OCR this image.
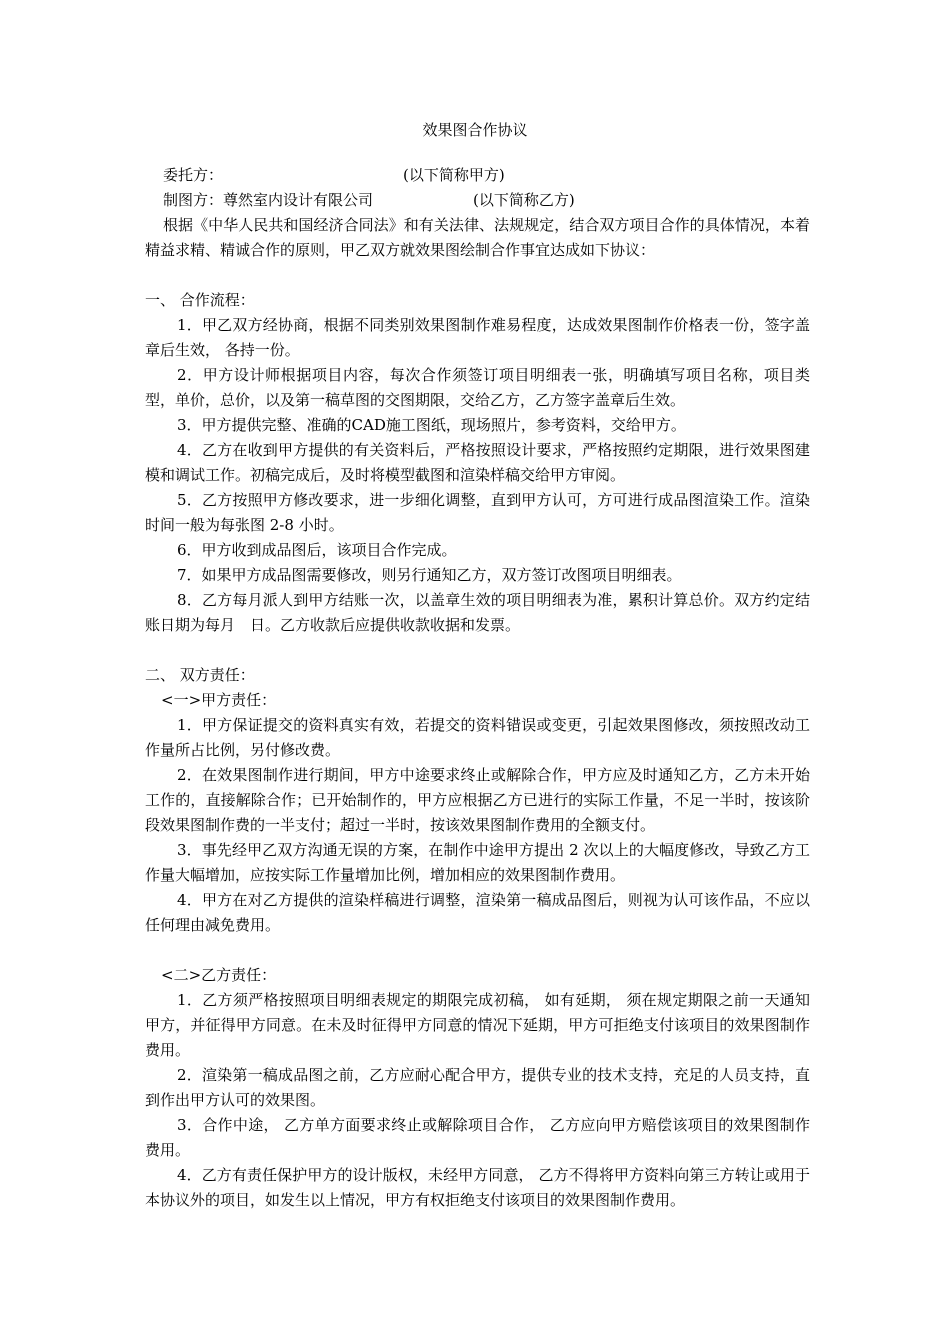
效果图合作协议
委托方：	(以下简称甲方)
制图方：尊然室内设计有限公司	(以下简称乙方)

根据《中华人民共和国经济合同法》和有关法律、法规规定，结合双方项目合作的具体情况，本着精益求精、精诚合作的原则，甲乙双方就效果图绘制合作事宜达成如下协议：

一、 合作流程：

1．甲乙双方经协商，根据不同类别效果图制作难易程度，达成效果图制作价格表一份，签字盖章后生效， 各持一份。

2．甲方设计师根据项目内容，每次合作须签订项目明细表一张，明确填写项目名称，项目类型，单价，总价，以及第一稿草图的交图期限，交给乙方，乙方签字盖章后生效。

3．甲方提供完整、准确的CAD施工图纸，现场照片，参考资料，交给甲方。

4．乙方在收到甲方提供的有关资料后，严格按照设计要求，严格按照约定期限，进行效果图建模和调试工作。初稿完成后，及时将模型截图和渲染样稿交给甲方审阅。

5．乙方按照甲方修改要求，进一步细化调整，直到甲方认可，方可进行成品图渲染工作。渲染时间一般为每张图 2-8 小时。

6．甲方收到成品图后，该项目合作完成。

7．如果甲方成品图需要修改，则另行通知乙方，双方签订改图项目明细表。

8．乙方每月派人到甲方结账一次，以盖章生效的项目明细表为准，累积计算总价。双方约定结账日期为每月　日。乙方收款后应提供收款收据和发票。

二、 双方责任：

<一>甲方责任：

1．甲方保证提交的资料真实有效，若提交的资料错误或变更，引起效果图修改，须按照改动工作量所占比例，另付修改费。

2．在效果图制作进行期间，甲方中途要求终止或解除合作，甲方应及时通知乙方，乙方未开始工作的，直接解除合作；已开始制作的，甲方应根据乙方已进行的实际工作量，不足一半时，按该阶段效果图制作费的一半支付；超过一半时，按该效果图制作费用的全额支付。

3．事先经甲乙双方沟通无误的方案，在制作中途甲方提出 2 次以上的大幅度修改，导致乙方工作量大幅增加，应按实际工作量增加比例，增加相应的效果图制作费用。

4．甲方在对乙方提供的渲染样稿进行调整，渲染第一稿成品图后，则视为认可该作品，不应以任何理由减免费用。

<二>乙方责任：

1．乙方须严格按照项目明细表规定的期限完成初稿， 如有延期， 须在规定期限之前一天通知甲方，并征得甲方同意。在未及时征得甲方同意的情况下延期，甲方可拒绝支付该项目的效果图制作费用。

2．渲染第一稿成品图之前，乙方应耐心配合甲方，提供专业的技术支持，充足的人员支持，直到作出甲方认可的效果图。

3．合作中途， 乙方单方面要求终止或解除项目合作， 乙方应向甲方赔偿该项目的效果图制作费用。

4．乙方有责任保护甲方的设计版权，未经甲方同意， 乙方不得将甲方资料向第三方转让或用于本协议外的项目，如发生以上情况，甲方有权拒绝支付该项目的效果图制作费用。
